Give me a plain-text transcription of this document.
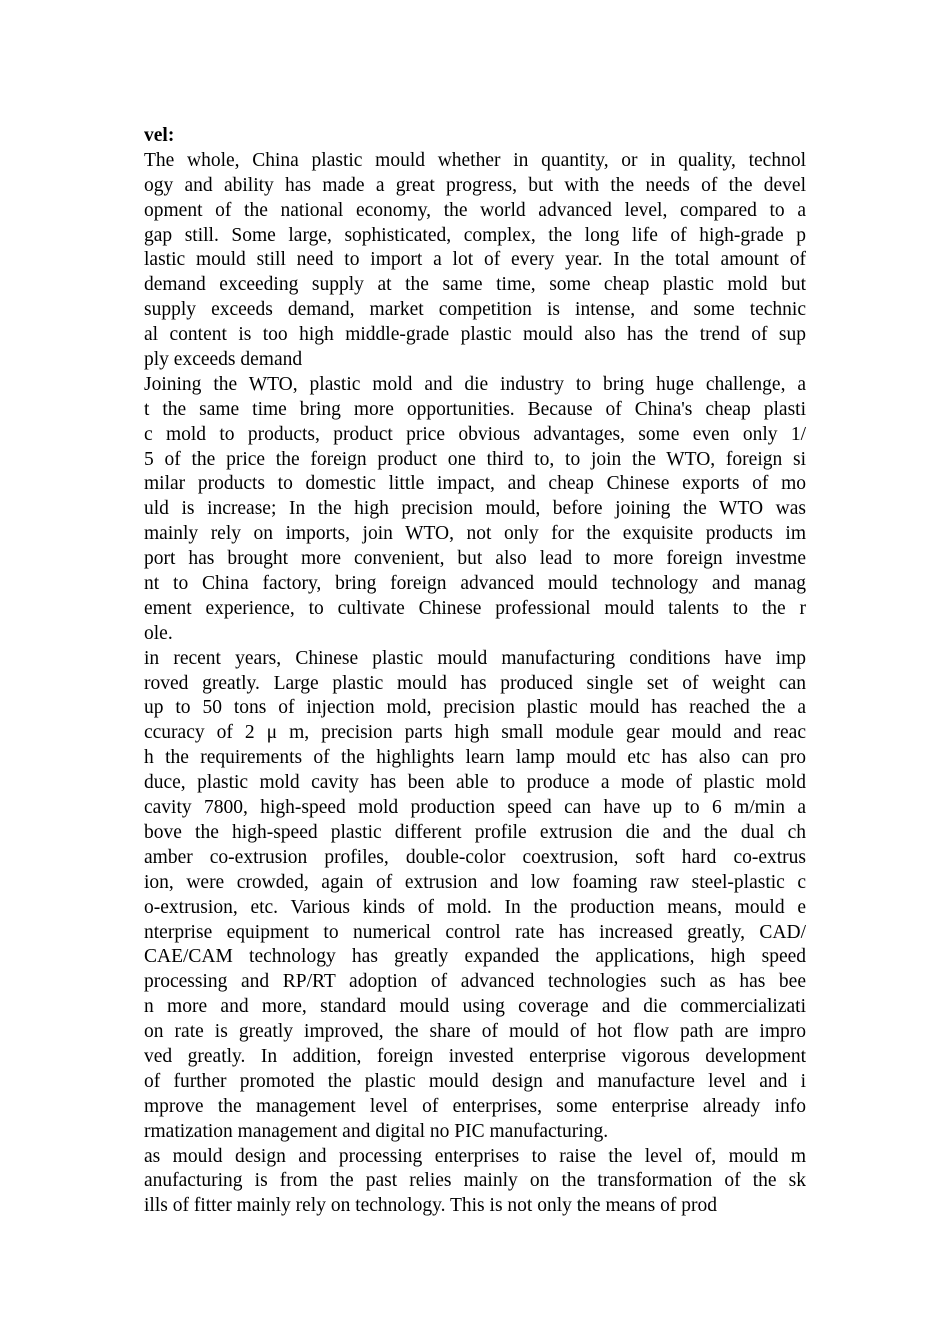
vel:
The whole, China plastic mould whether in quantity, or in quality, technol
ogy and ability has made a great progress, but with the needs of the devel
opment of the national economy, the world advanced level, compared to a
gap still. Some large, sophisticated, complex, the long life of high-grade p
lastic mould still need to import a lot of every year. In the total amount of
demand exceeding supply at the same time, some cheap plastic mold but
supply exceeds demand, market competition is intense, and some technic
al content is too high middle-grade plastic mould also has the trend of sup
ply exceeds demand
Joining the WTO, plastic mold and die industry to bring huge challenge, a
t the same time bring more opportunities. Because of China's cheap plasti
c mold to products, product price obvious advantages, some even only 1/
5 of the price the foreign product one third to, to join the WTO, foreign si
milar products to domestic little impact, and cheap Chinese exports of mo
uld is increase; In the high precision mould, before joining the WTO was
mainly rely on imports, join WTO, not only for the exquisite products im
port has brought more convenient, but also lead to more foreign investme
nt to China factory, bring foreign advanced mould technology and manag
ement experience, to cultivate Chinese professional mould talents to the r
ole.
in recent years, Chinese plastic mould manufacturing conditions have imp
roved greatly. Large plastic mould has produced single set of weight can
up to 50 tons of injection mold, precision plastic mould has reached the a
ccuracy of 2 μ m, precision parts high small module gear mould and reac
h the requirements of the highlights learn lamp mould etc has also can pro
duce, plastic mold cavity has been able to produce a mode of plastic mold
cavity 7800, high-speed mold production speed can have up to 6 m/min a
bove the high-speed plastic different profile extrusion die and the dual ch
amber co-extrusion profiles, double-color coextrusion, soft hard co-extrus
ion, were crowded, again of extrusion and low foaming raw steel-plastic c
o-extrusion, etc. Various kinds of mold. In the production means, mould e
nterprise equipment to numerical control rate has increased greatly, CAD/
CAE/CAM technology has greatly expanded the applications, high speed
processing and RP/RT adoption of advanced technologies such as has bee
n more and more, standard mould using coverage and die commercializati
on rate is greatly improved, the share of mould of hot flow path are impro
ved greatly. In addition, foreign invested enterprise vigorous development
of further promoted the plastic mould design and manufacture level and i
mprove the management level of enterprises, some enterprise already info
rmatization management and digital no PIC manufacturing.
as mould design and processing enterprises to raise the level of, mould m
anufacturing is from the past relies mainly on the transformation of the sk
ills of fitter mainly rely on technology. This is not only the means of prod
